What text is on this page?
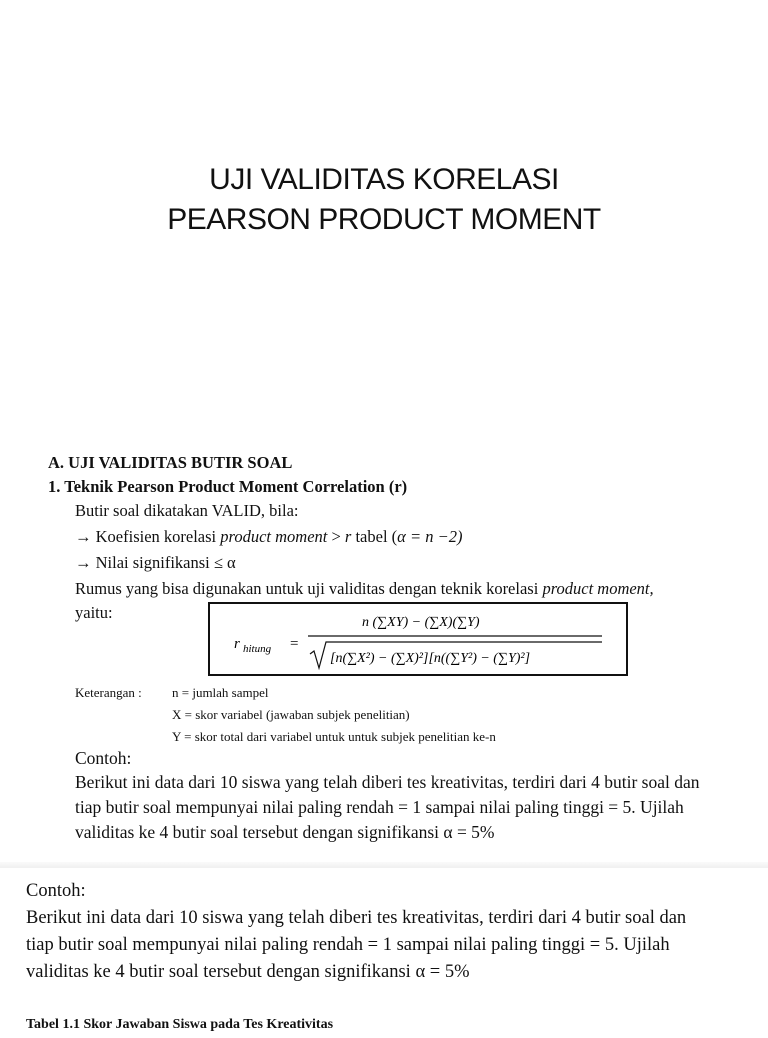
UJI VALIDITAS KORELASI
PEARSON PRODUCT MOMENT
A. UJI VALIDITAS BUTIR SOAL
1. Teknik Pearson Product Moment Correlation (r)
Butir soal dikatakan VALID, bila:
→ Koefisien korelasi product moment > r tabel (α = n −2)
→ Nilai signifikansi ≤ α
Rumus yang bisa digunakan untuk uji validitas dengan teknik korelasi product moment,
yaitu:
r hitung =
n (∑XY) − (∑X)(∑Y)
[n(∑X²) − (∑X)²][n((∑Y²) − (∑Y)²]
Keterangan : n = jumlah sampel
X = skor variabel (jawaban subjek penelitian)
Y = skor total dari variabel untuk untuk subjek penelitian ke-n
Contoh:
Berikut ini data dari 10 siswa yang telah diberi tes kreativitas, terdiri dari 4 butir soal dan
tiap butir soal mempunyai nilai paling rendah = 1 sampai nilai paling tinggi = 5. Ujilah
validitas ke 4 butir soal tersebut dengan signifikansi α = 5%
Contoh:
Berikut ini data dari 10 siswa yang telah diberi tes kreativitas, terdiri dari 4 butir soal dan
tiap butir soal mempunyai nilai paling rendah = 1 sampai nilai paling tinggi = 5. Ujilah
validitas ke 4 butir soal tersebut dengan signifikansi α = 5%
Tabel 1.1 Skor Jawaban Siswa pada Tes Kreativitas
